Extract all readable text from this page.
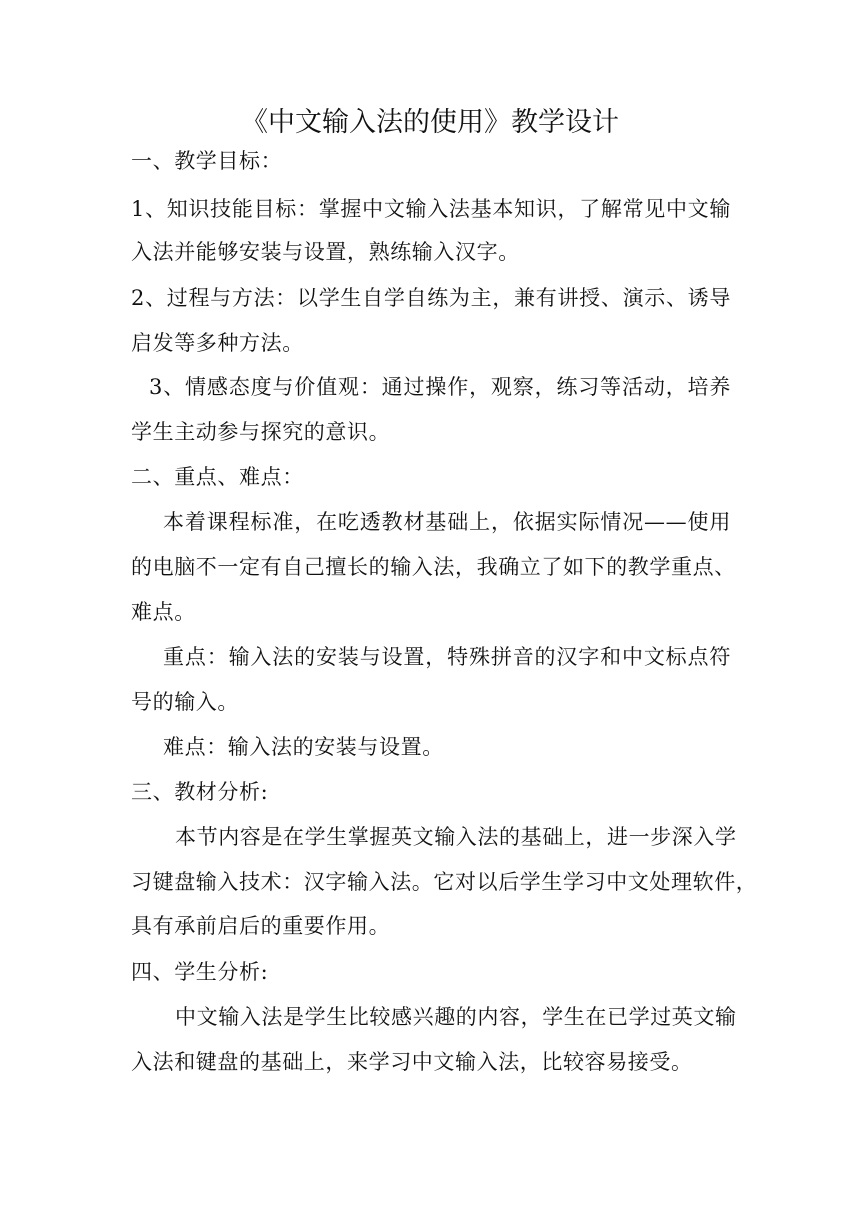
《中文输入法的使用》教学设计

一、教学目标：

1、知识技能目标：掌握中文输入法基本知识，了解常见中文输

入法并能够安装与设置，熟练输入汉字。

2、过程与方法：以学生自学自练为主，兼有讲授、演示、诱导

启发等多种方法。

3、情感态度与价值观：通过操作，观察，练习等活动，培养

学生主动参与探究的意识。

二、重点、难点：

本着课程标准，在吃透教材基础上，依据实际情况——使用

的电脑不一定有自己擅长的输入法，我确立了如下的教学重点、

难点。

重点：输入法的安装与设置，特殊拼音的汉字和中文标点符

号的输入。

难点：输入法的安装与设置。

三、教材分析:

本节内容是在学生掌握英文输入法的基础上，进一步深入学

习键盘输入技术：汉字输入法。它对以后学生学习中文处理软件，

具有承前启后的重要作用。

四、学生分析:

中文输入法是学生比较感兴趣的内容，学生在已学过英文输

入法和键盘的基础上，来学习中文输入法，比较容易接受。
